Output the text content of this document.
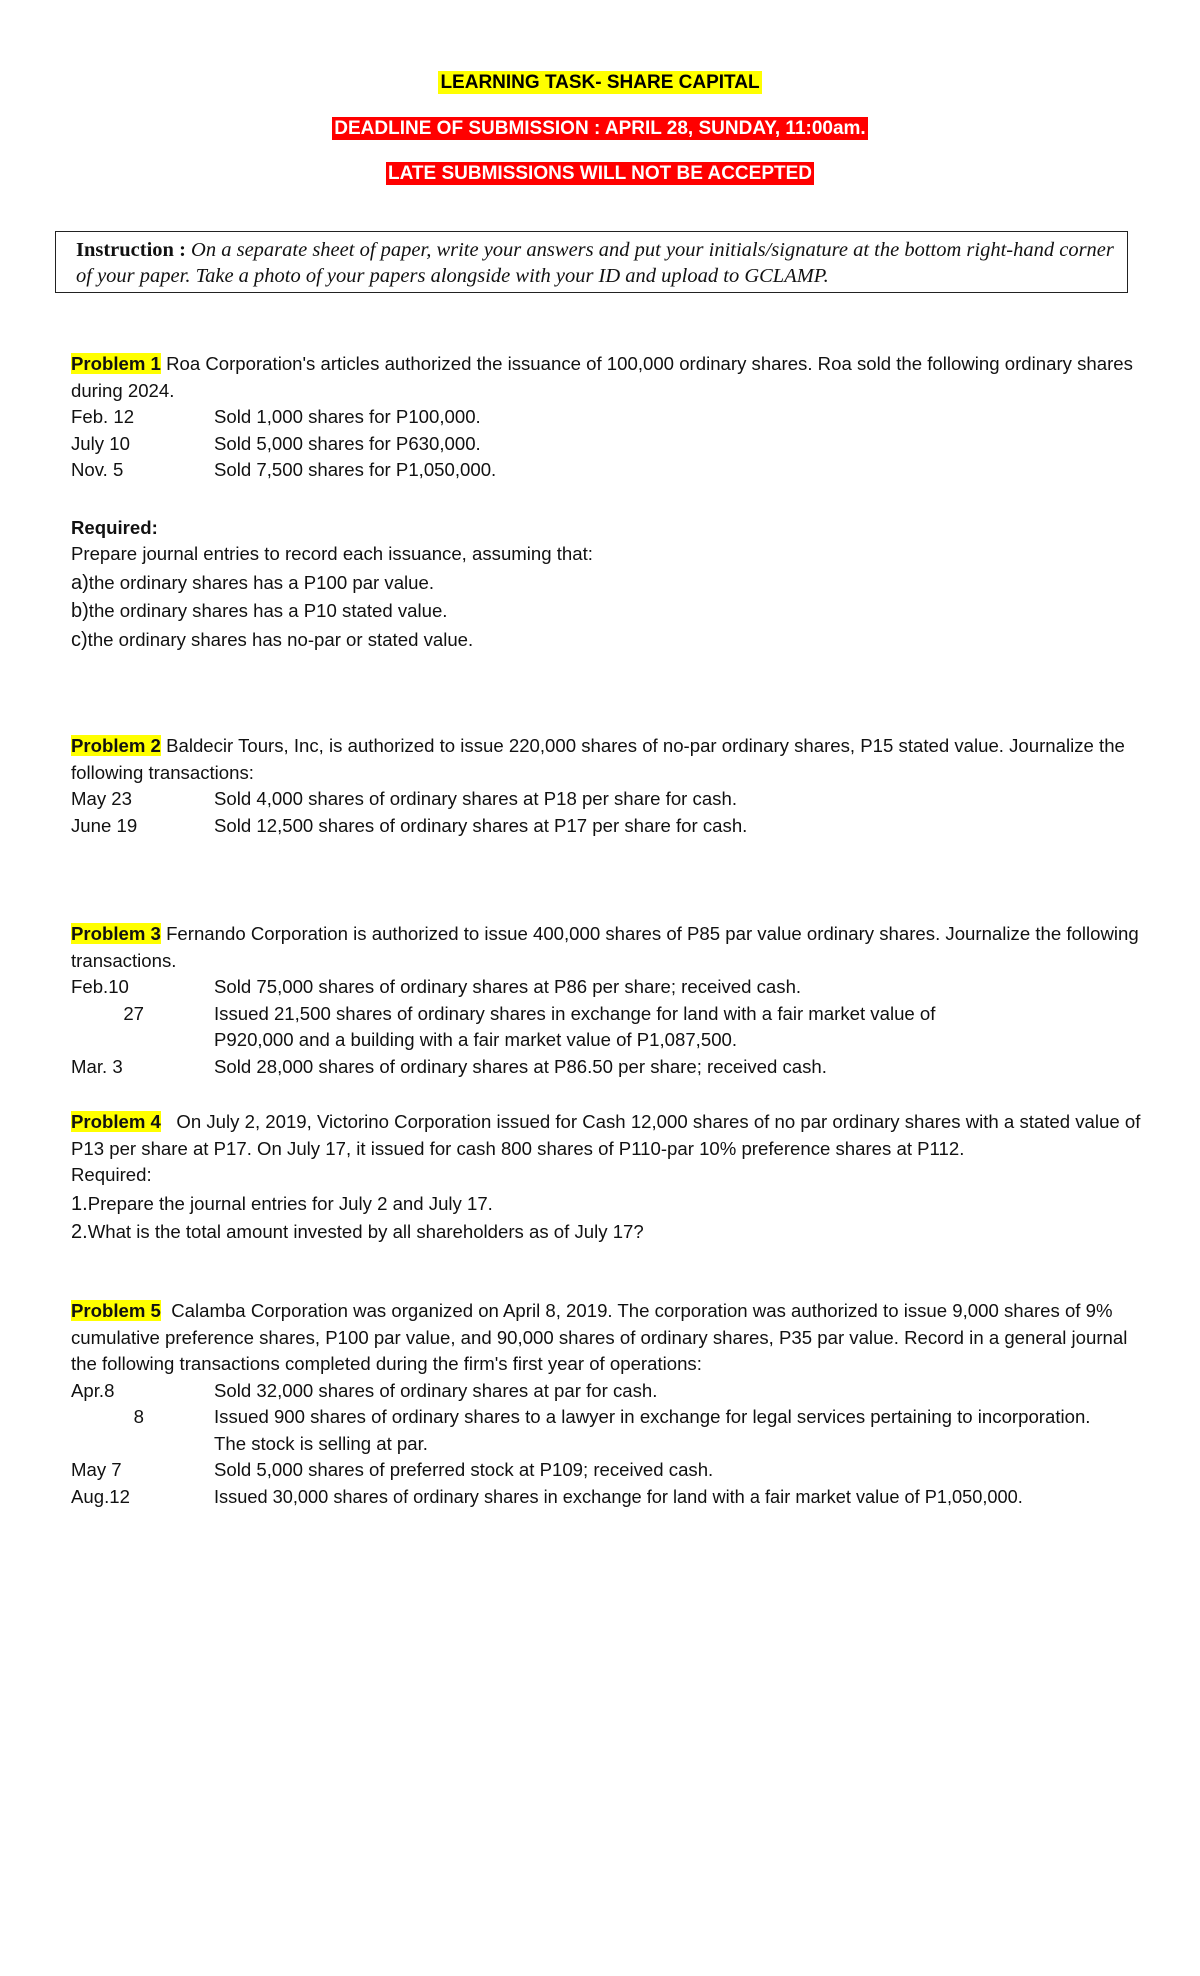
LEARNING TASK- SHARE CAPITAL
DEADLINE OF SUBMISSION : APRIL 28, SUNDAY, 11:00am.
LATE SUBMISSIONS WILL NOT BE ACCEPTED
Instruction : On a separate sheet of paper, write your answers and put your initials/signature at the bottom right-hand corner of your paper. Take a photo of your papers alongside with your ID and upload to GCLAMP.

Problem 1 Roa Corporation's articles authorized the issuance of 100,000 ordinary shares. Roa sold the following ordinary shares during 2024.

Feb. 12	Sold 1,000 shares for P100,000.
July 10	Sold 5,000 shares for P630,000.
Nov. 5	Sold 7,500 shares for P1,050,000.

Required:

Prepare journal entries to record each issuance, assuming that:

a)the ordinary shares has a P100 par value.

b)the ordinary shares has a P10 stated value.

c)the ordinary shares has no-par or stated value.

Problem 2 Baldecir Tours, Inc, is authorized to issue 220,000 shares of no-par ordinary shares, P15 stated value. Journalize the following transactions:

May 23	Sold 4,000 shares of ordinary shares at P18 per share for cash.
June 19	Sold 12,500 shares of ordinary shares at P17 per share for cash.

Problem 3 Fernando Corporation is authorized to issue 400,000 shares of P85 par value ordinary shares. Journalize the following transactions.

Feb.10	Sold 75,000 shares of ordinary shares at P86 per share; received cash.
27	Issued 21,500 shares of ordinary shares in exchange for land with a fair market value of P920,000 and a building with a fair market value of P1,087,500.
Mar. 3	Sold 28,000 shares of ordinary shares at P86.50 per share; received cash.

Problem 4   On July 2, 2019, Victorino Corporation issued for Cash 12,000 shares of no par ordinary shares with a stated value of P13 per share at P17. On July 17, it issued for cash 800 shares of P110-par 10% preference shares at P112.

Required:

1.Prepare the journal entries for July 2 and July 17.

2.What is the total amount invested by all shareholders as of July 17?

Problem 5  Calamba Corporation was organized on April 8, 2019. The corporation was authorized to issue 9,000 shares of 9% cumulative preference shares, P100 par value, and 90,000 shares of ordinary shares, P35 par value. Record in a general journal the following transactions completed during the firm's first year of operations:

Apr.8	Sold 32,000 shares of ordinary shares at par for cash.
8	Issued 900 shares of ordinary shares to a lawyer in exchange for legal services pertaining to incorporation. The stock is selling at par.
May 7	Sold 5,000 shares of preferred stock at P109; received cash.
Aug.12	Issued 30,000 shares of ordinary shares in exchange for land with a fair market value of P1,050,000.
